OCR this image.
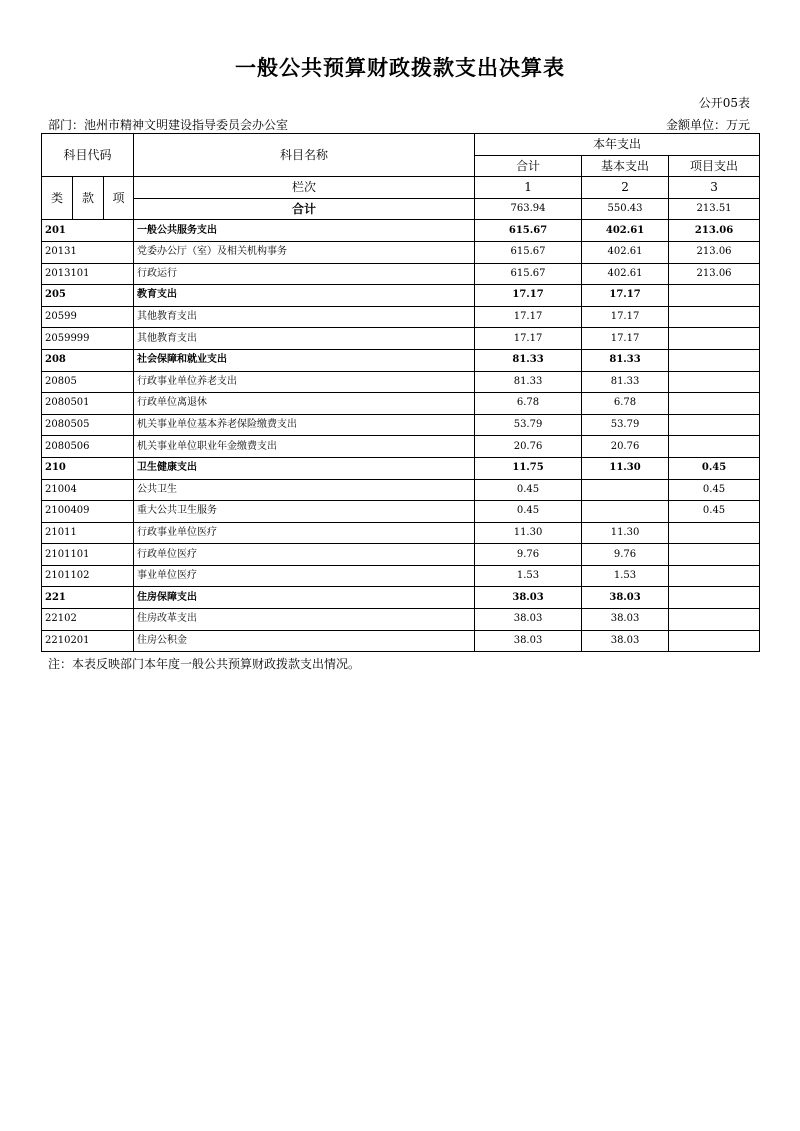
一般公共预算财政拨款支出决算表
公开05表
部门：池州市精神文明建设指导委员会办公室	金额单位：万元
科目代码			科目名称	本年支出		
				合计	基本支出	项目支出
类	款	项	栏次	1	2	3
			合计	763.94	550.43	213.51
201			一般公共服务支出	615.67	402.61	213.06
20131			党委办公厅（室）及相关机构事务	615.67	402.61	213.06
2013101			行政运行	615.67	402.61	213.06
205			教育支出	17.17	17.17	
20599			其他教育支出	17.17	17.17	
2059999			其他教育支出	17.17	17.17	
208			社会保障和就业支出	81.33	81.33	
20805			行政事业单位养老支出	81.33	81.33	
2080501			行政单位离退休	6.78	6.78	
2080505			机关事业单位基本养老保险缴费支出	53.79	53.79	
2080506			机关事业单位职业年金缴费支出	20.76	20.76	
210			卫生健康支出	11.75	11.30	0.45
21004			公共卫生	0.45		0.45
2100409			重大公共卫生服务	0.45		0.45
21011			行政事业单位医疗	11.30	11.30	
2101101			行政单位医疗	9.76	9.76	
2101102			事业单位医疗	1.53	1.53	
221			住房保障支出	38.03	38.03	
22102			住房改革支出	38.03	38.03	
2210201			住房公积金	38.03	38.03	
注：本表反映部门本年度一般公共预算财政拨款支出情况。
